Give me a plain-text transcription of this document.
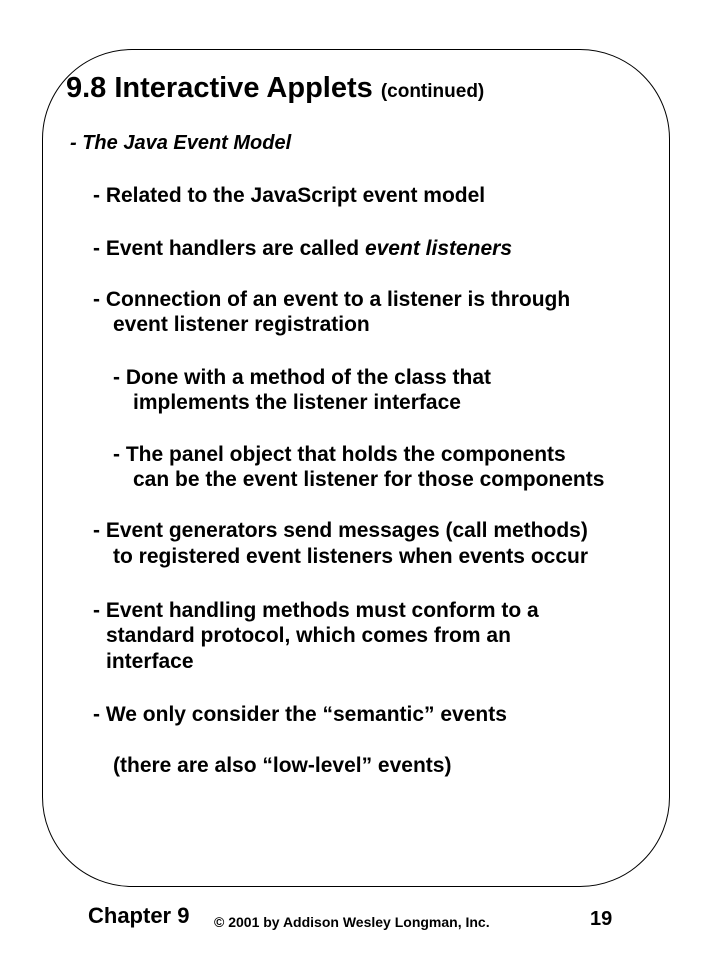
9.8 Interactive Applets (continued)
- The Java Event Model
- Related to the JavaScript event model
- Event handlers are called event listeners
- Connection of an event to a listener is through
event listener registration
- Done with a method of the class that
implements the listener interface
- The panel object that holds the components
can be the event listener for those components
- Event generators send messages (call methods)
to registered event listeners when events occur
- Event handling methods must conform to a
standard protocol, which comes from an
interface
- We only consider the “semantic” events
(there are also “low-level” events)
Chapter 9 © 2001 by Addison Wesley Longman, Inc.	19
